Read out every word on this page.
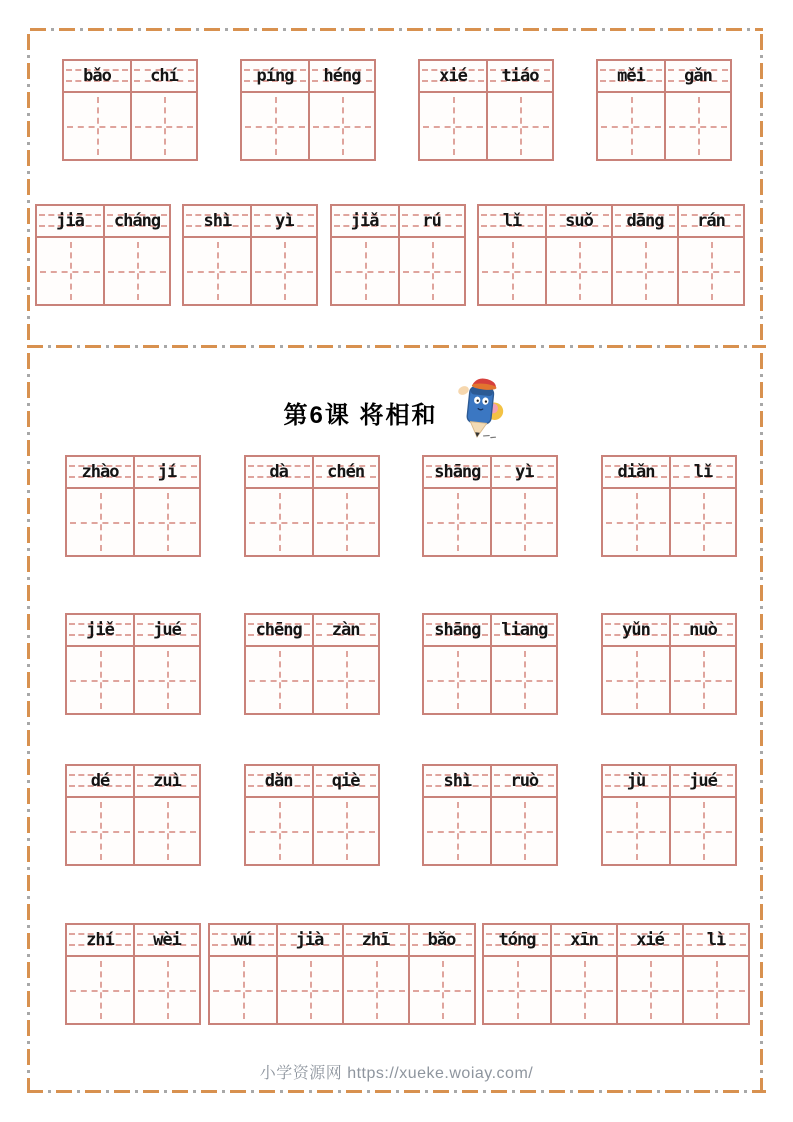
bǎo chí	píng héng	xié tiáo	měi gǎn
jiā cháng	shì	yì	jiǎ	rú	lǐ	suǒ dāng rán
第6课 将相和
zhào jí	dà chén	shāng yì	diǎn lǐ
jiě jué	chēng zàn	shāng liang	yǔn nuò
dé	zuì	dǎn qiè	shì ruò	jù	jué
zhí wèi	wú	jià zhī bǎo	tóng xīn xié	lì
小学资源网 https://xueke.woiay.com/
